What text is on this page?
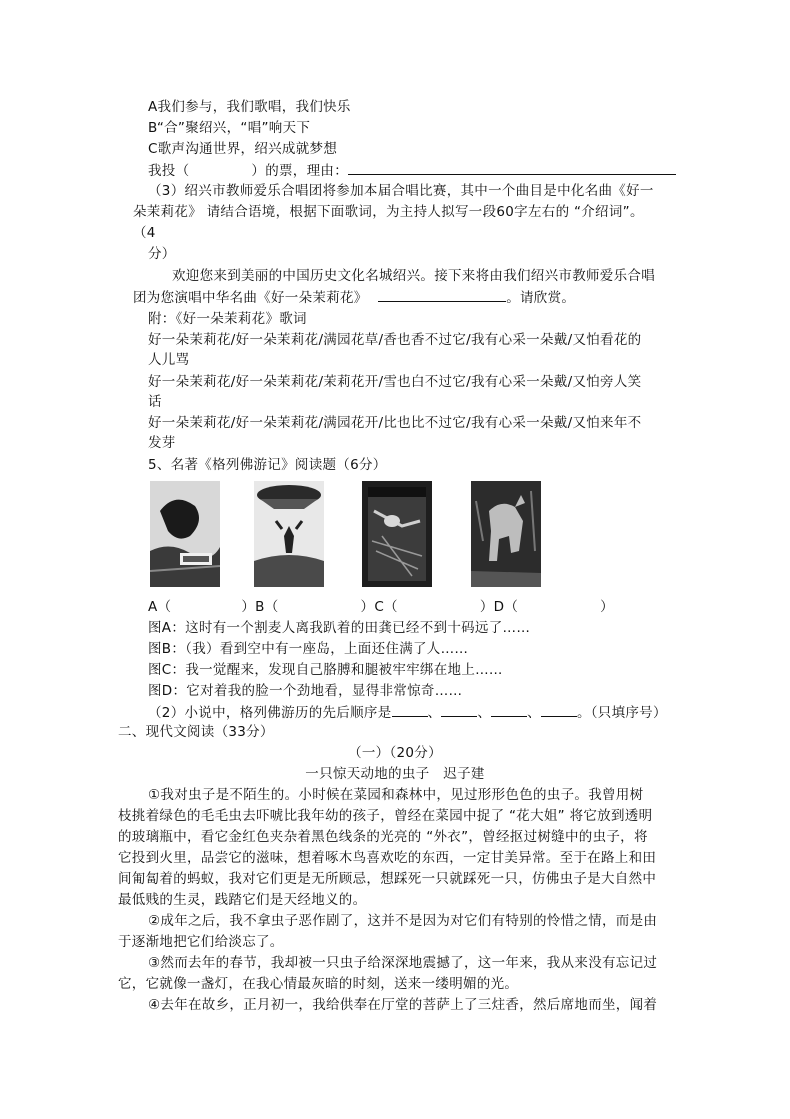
A我们参与，我们歌唱，我们快乐
B“合”聚绍兴，“唱”响天下
C歌声沟通世界，绍兴成就梦想
我投（	）的票，理由：
（3）绍兴市教师爱乐合唱团将参加本届合唱比赛，其中一个曲目是中化名曲《好一
朵茉莉花》 请结合语境，根据下面歌词，为主持人拟写一段60字左右的 “介绍词”。
（4
分）
欢迎您来到美丽的中国历史文化名城绍兴。接下来将由我们绍兴市教师爱乐合唱
团为您演唱中华名曲《好一朵茉莉花》	。请欣赏。
附：《好一朵茉莉花》歌词
好一朵茉莉花/好一朵茉莉花/满园花草/香也香不过它/我有心采一朵戴/又怕看花的
人儿骂
好一朵茉莉花/好一朵茉莉花/茉莉花开/雪也白不过它/我有心采一朵戴/又怕旁人笑
话
好一朵茉莉花/好一朵茉莉花/满园花开/比也比不过它/我有心采一朵戴/又怕来年不
发芽
5、名著《格列佛游记》阅读题（6分）
A（	）B（	）C（	）D（	）
图A：这时有一个割麦人离我趴着的田龚已经不到十码远了……
图B：（我）看到空中有一座岛，上面还住满了人……
图C：我一觉醒来，发现自己胳膊和腿被牢牢绑在地上……
图D：它对着我的脸一个劲地看，显得非常惊奇……
（2）小说中，格列佛游历的先后顺序是	、	、	、	。（只填序号）
二、现代文阅读（33分）
（一）（20分）
一只惊天动地的虫子　迟子建
①我对虫子是不陌生的。小时候在菜园和森林中，见过形形色色的虫子。我曾用树
枝挑着绿色的毛毛虫去吓唬比我年幼的孩子，曾经在菜园中捉了 “花大姐” 将它放到透明
的玻璃瓶中，看它金红色夹杂着黑色线条的光亮的 “外衣”，曾经抠过树缝中的虫子，将
它投到火里，品尝它的滋味，想着啄木鸟喜欢吃的东西，一定甘美异常。至于在路上和田
间匍匐着的蚂蚁，我对它们更是无所顾忌，想踩死一只就踩死一只，仿佛虫子是大自然中
最低贱的生灵，践踏它们是天经地义的。
②成年之后，我不拿虫子恶作剧了，这并不是因为对它们有特别的怜惜之情，而是由
于逐渐地把它们给淡忘了。
③然而去年的春节，我却被一只虫子给深深地震撼了，这一年来，我从来没有忘记过
它，它就像一盏灯，在我心情最灰暗的时刻，送来一缕明媚的光。
④去年在故乡，正月初一，我给供奉在厅堂的菩萨上了三炷香，然后席地而坐，闻着
